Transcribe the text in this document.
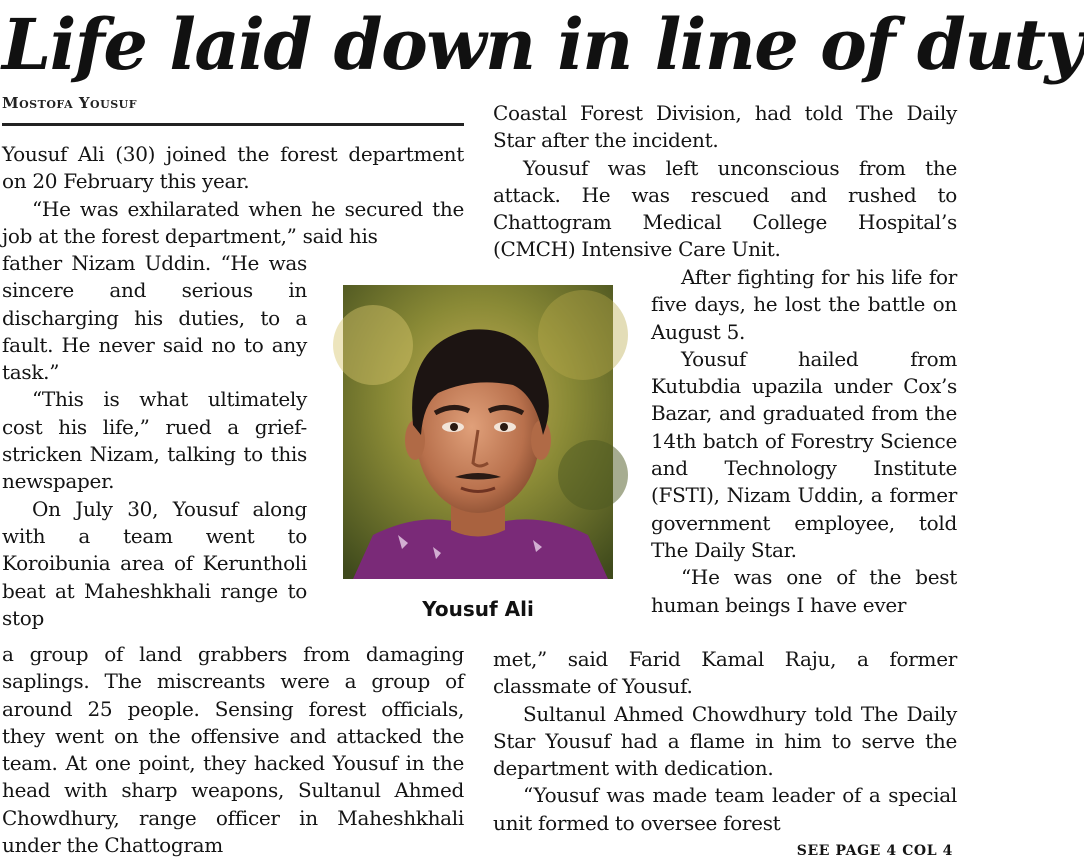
Life laid down in line of duty
Mostofa Yousuf

Yousuf Ali (30) joined the forest department on 20 February this year.

“He was exhilarated when he secured the job at the forest department,” said his

father Nizam Uddin. “He was sincere and serious in discharging his duties, to a fault. He never said no to any task.”

“This is what ultimately cost his life,” rued a grief-stricken Nizam, talking to this newspaper.

On July 30, Yousuf along with a team went to Koroibunia area of Keruntholi beat at Maheshkhali range to stop

a group of land grabbers from damaging saplings. The miscreants were a group of around 25 people. Sensing forest officials, they went on the offensive and attacked the team. At one point, they hacked Yousuf in the head with sharp weapons, Sultanul Ahmed Chowdhury, range officer in Maheshkhali under the Chattogram

Coastal Forest Division, had told The Daily Star after the incident.

Yousuf was left unconscious from the attack. He was rescued and rushed to Chattogram Medical College Hospital’s (CMCH) Intensive Care Unit.

After fighting for his life for five days, he lost the battle on August 5.

Yousuf hailed from Kutubdia upazila under Cox’s Bazar, and graduated from the 14th batch of Forestry Science and Technology Institute (FSTI), Nizam Uddin, a former government employee, told The Daily Star.

“He was one of the best human beings I have ever

met,” said Farid Kamal Raju, a former classmate of Yousuf.

Sultanul Ahmed Chowdhury told The Daily Star Yousuf had a flame in him to serve the department with dedication.

“Yousuf was made team leader of a special unit formed to oversee forest

Yousuf Ali
SEE PAGE 4 COL 4
